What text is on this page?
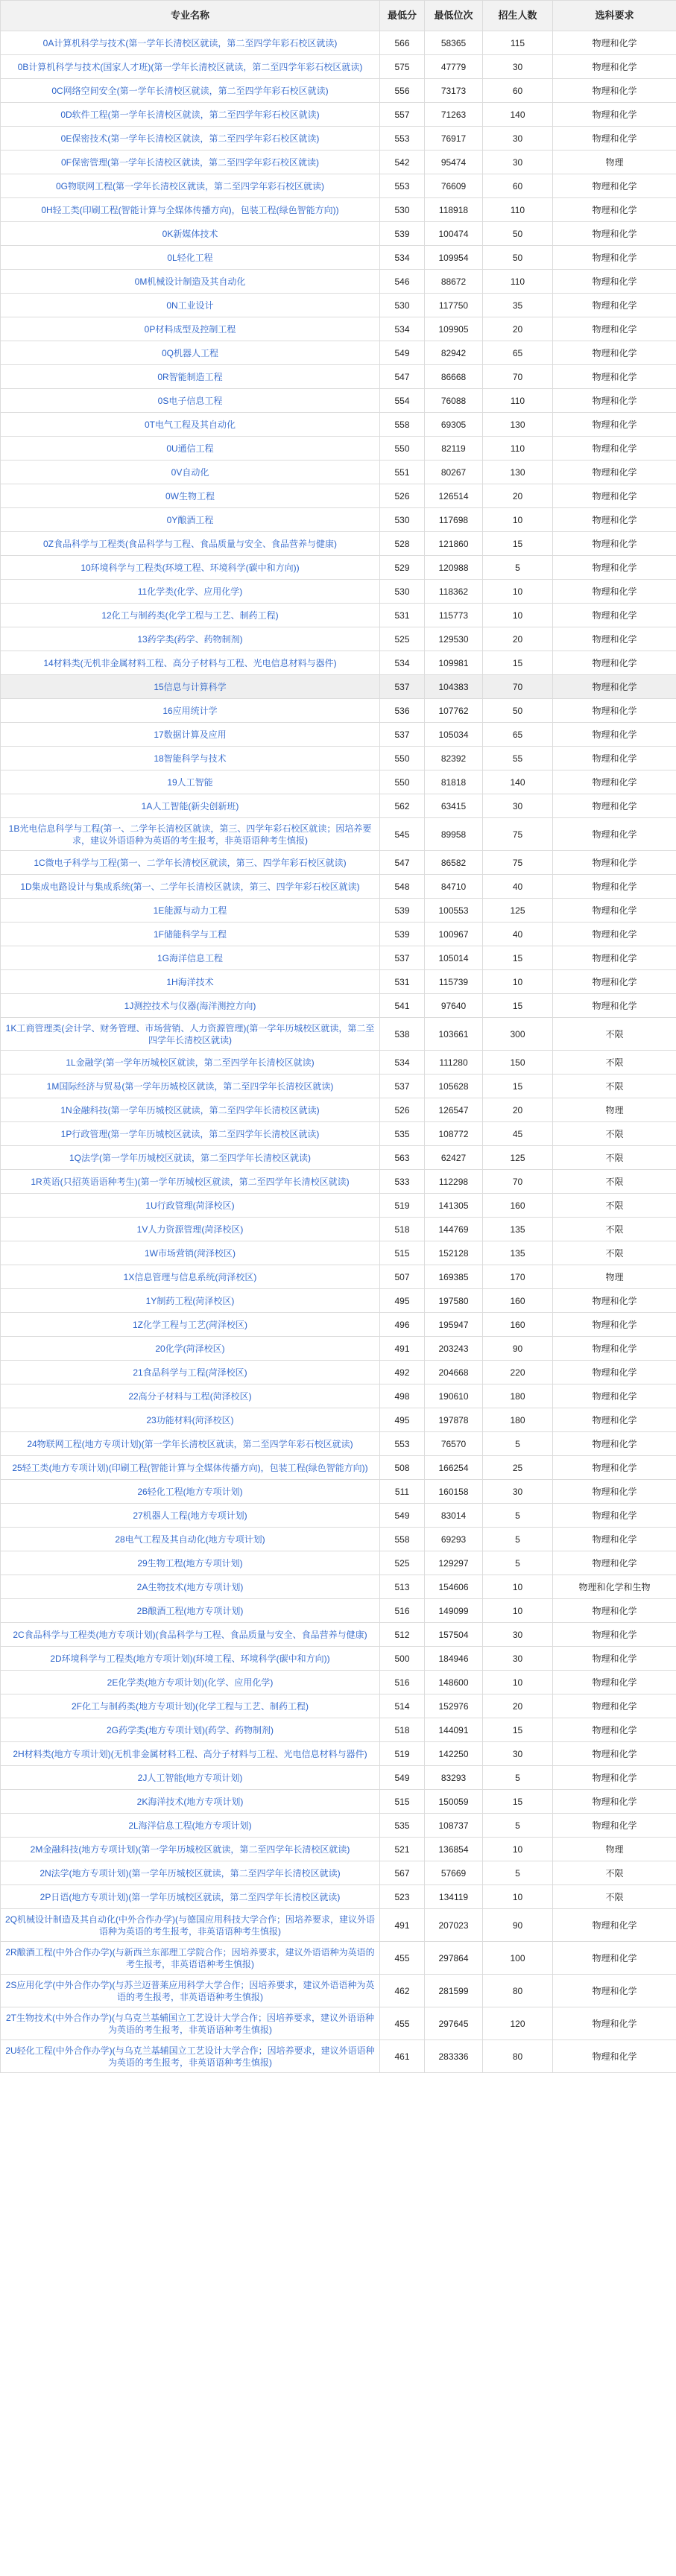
专业名称	最低分	最低位次	招生人数	选科要求
0A计算机科学与技术(第一学年长清校区就读，第二至四学年彩石校区就读)	566	58365	115	物理和化学
0B计算机科学与技术(国家人才班)(第一学年长清校区就读，第二至四学年彩石校区就读)	575	47779	30	物理和化学
0C网络空间安全(第一学年长清校区就读，第二至四学年彩石校区就读)	556	73173	60	物理和化学
0D软件工程(第一学年长清校区就读，第二至四学年彩石校区就读)	557	71263	140	物理和化学
0E保密技术(第一学年长清校区就读，第二至四学年彩石校区就读)	553	76917	30	物理和化学
0F保密管理(第一学年长清校区就读，第二至四学年彩石校区就读)	542	95474	30	物理
0G物联网工程(第一学年长清校区就读，第二至四学年彩石校区就读)	553	76609	60	物理和化学
0H轻工类(印刷工程(智能计算与全媒体传播方向)，包装工程(绿色智能方向))	530	118918	110	物理和化学
0K新媒体技术	539	100474	50	物理和化学
0L轻化工程	534	109954	50	物理和化学
0M机械设计制造及其自动化	546	88672	110	物理和化学
0N工业设计	530	117750	35	物理和化学
0P材料成型及控制工程	534	109905	20	物理和化学
0Q机器人工程	549	82942	65	物理和化学
0R智能制造工程	547	86668	70	物理和化学
0S电子信息工程	554	76088	110	物理和化学
0T电气工程及其自动化	558	69305	130	物理和化学
0U通信工程	550	82119	110	物理和化学
0V自动化	551	80267	130	物理和化学
0W生物工程	526	126514	20	物理和化学
0Y酿酒工程	530	117698	10	物理和化学
0Z食品科学与工程类(食品科学与工程、食品质量与安全、食品营养与健康)	528	121860	15	物理和化学
10环境科学与工程类(环境工程、环境科学(碳中和方向))	529	120988	5	物理和化学
11化学类(化学、应用化学)	530	118362	10	物理和化学
12化工与制药类(化学工程与工艺、制药工程)	531	115773	10	物理和化学
13药学类(药学、药物制剂)	525	129530	20	物理和化学
14材料类(无机非金属材料工程、高分子材料与工程、光电信息材料与器件)	534	109981	15	物理和化学
15信息与计算科学	537	104383	70	物理和化学
16应用统计学	536	107762	50	物理和化学
17数据计算及应用	537	105034	65	物理和化学
18智能科学与技术	550	82392	55	物理和化学
19人工智能	550	81818	140	物理和化学
1A人工智能(新尖创新班)	562	63415	30	物理和化学
1B光电信息科学与工程(第一、二学年长清校区就读，第三、四学年彩石校区就读；因培养要求，建议外语语种为英语的考生报考，非英语语种考生慎报)	545	89958	75	物理和化学
1C微电子科学与工程(第一、二学年长清校区就读，第三、四学年彩石校区就读)	547	86582	75	物理和化学
1D集成电路设计与集成系统(第一、二学年长清校区就读，第三、四学年彩石校区就读)	548	84710	40	物理和化学
1E能源与动力工程	539	100553	125	物理和化学
1F储能科学与工程	539	100967	40	物理和化学
1G海洋信息工程	537	105014	15	物理和化学
1H海洋技术	531	115739	10	物理和化学
1J测控技术与仪器(海洋测控方向)	541	97640	15	物理和化学
1K工商管理类(会计学、财务管理、市场营销、人力资源管理)(第一学年历城校区就读，第二至四学年长清校区就读)	538	103661	300	不限
1L金融学(第一学年历城校区就读，第二至四学年长清校区就读)	534	111280	150	不限
1M国际经济与贸易(第一学年历城校区就读，第二至四学年长清校区就读)	537	105628	15	不限
1N金融科技(第一学年历城校区就读，第二至四学年长清校区就读)	526	126547	20	物理
1P行政管理(第一学年历城校区就读，第二至四学年长清校区就读)	535	108772	45	不限
1Q法学(第一学年历城校区就读，第二至四学年长清校区就读)	563	62427	125	不限
1R英语(只招英语语种考生)(第一学年历城校区就读，第二至四学年长清校区就读)	533	112298	70	不限
1U行政管理(菏泽校区)	519	141305	160	不限
1V人力资源管理(菏泽校区)	518	144769	135	不限
1W市场营销(菏泽校区)	515	152128	135	不限
1X信息管理与信息系统(菏泽校区)	507	169385	170	物理
1Y制药工程(菏泽校区)	495	197580	160	物理和化学
1Z化学工程与工艺(菏泽校区)	496	195947	160	物理和化学
20化学(菏泽校区)	491	203243	90	物理和化学
21食品科学与工程(菏泽校区)	492	204668	220	物理和化学
22高分子材料与工程(菏泽校区)	498	190610	180	物理和化学
23功能材料(菏泽校区)	495	197878	180	物理和化学
24物联网工程(地方专项计划)(第一学年长清校区就读，第二至四学年彩石校区就读)	553	76570	5	物理和化学
25轻工类(地方专项计划)(印刷工程(智能计算与全媒体传播方向)，包装工程(绿色智能方向))	508	166254	25	物理和化学
26轻化工程(地方专项计划)	511	160158	30	物理和化学
27机器人工程(地方专项计划)	549	83014	5	物理和化学
28电气工程及其自动化(地方专项计划)	558	69293	5	物理和化学
29生物工程(地方专项计划)	525	129297	5	物理和化学
2A生物技术(地方专项计划)	513	154606	10	物理和化学和生物
2B酿酒工程(地方专项计划)	516	149099	10	物理和化学
2C食品科学与工程类(地方专项计划)(食品科学与工程、食品质量与安全、食品营养与健康)	512	157504	30	物理和化学
2D环境科学与工程类(地方专项计划)(环境工程、环境科学(碳中和方向))	500	184946	30	物理和化学
2E化学类(地方专项计划)(化学、应用化学)	516	148600	10	物理和化学
2F化工与制药类(地方专项计划)(化学工程与工艺、制药工程)	514	152976	20	物理和化学
2G药学类(地方专项计划)(药学、药物制剂)	518	144091	15	物理和化学
2H材料类(地方专项计划)(无机非金属材料工程、高分子材料与工程、光电信息材料与器件)	519	142250	30	物理和化学
2J人工智能(地方专项计划)	549	83293	5	物理和化学
2K海洋技术(地方专项计划)	515	150059	15	物理和化学
2L海洋信息工程(地方专项计划)	535	108737	5	物理和化学
2M金融科技(地方专项计划)(第一学年历城校区就读，第二至四学年长清校区就读)	521	136854	10	物理
2N法学(地方专项计划)(第一学年历城校区就读，第二至四学年长清校区就读)	567	57669	5	不限
2P日语(地方专项计划)(第一学年历城校区就读，第二至四学年长清校区就读)	523	134119	10	不限
2Q机械设计制造及其自动化(中外合作办学)(与德国应用科技大学合作；因培养要求，建议外语语种为英语的考生报考，非英语语种考生慎报)	491	207023	90	物理和化学
2R酿酒工程(中外合作办学)(与新西兰东部理工学院合作；因培养要求，建议外语语种为英语的考生报考，非英语语种考生慎报)	455	297864	100	物理和化学
2S应用化学(中外合作办学)(与苏兰迈普莱应用科学大学合作；因培养要求，建议外语语种为英语的考生报考，非英语语种考生慎报)	462	281599	80	物理和化学
2T生物技术(中外合作办学)(与乌克兰基辅国立工艺设计大学合作；因培养要求，建议外语语种为英语的考生报考，非英语语种考生慎报)	455	297645	120	物理和化学
2U轻化工程(中外合作办学)(与乌克兰基辅国立工艺设计大学合作；因培养要求，建议外语语种为英语的考生报考，非英语语种考生慎报)	461	283336	80	物理和化学
